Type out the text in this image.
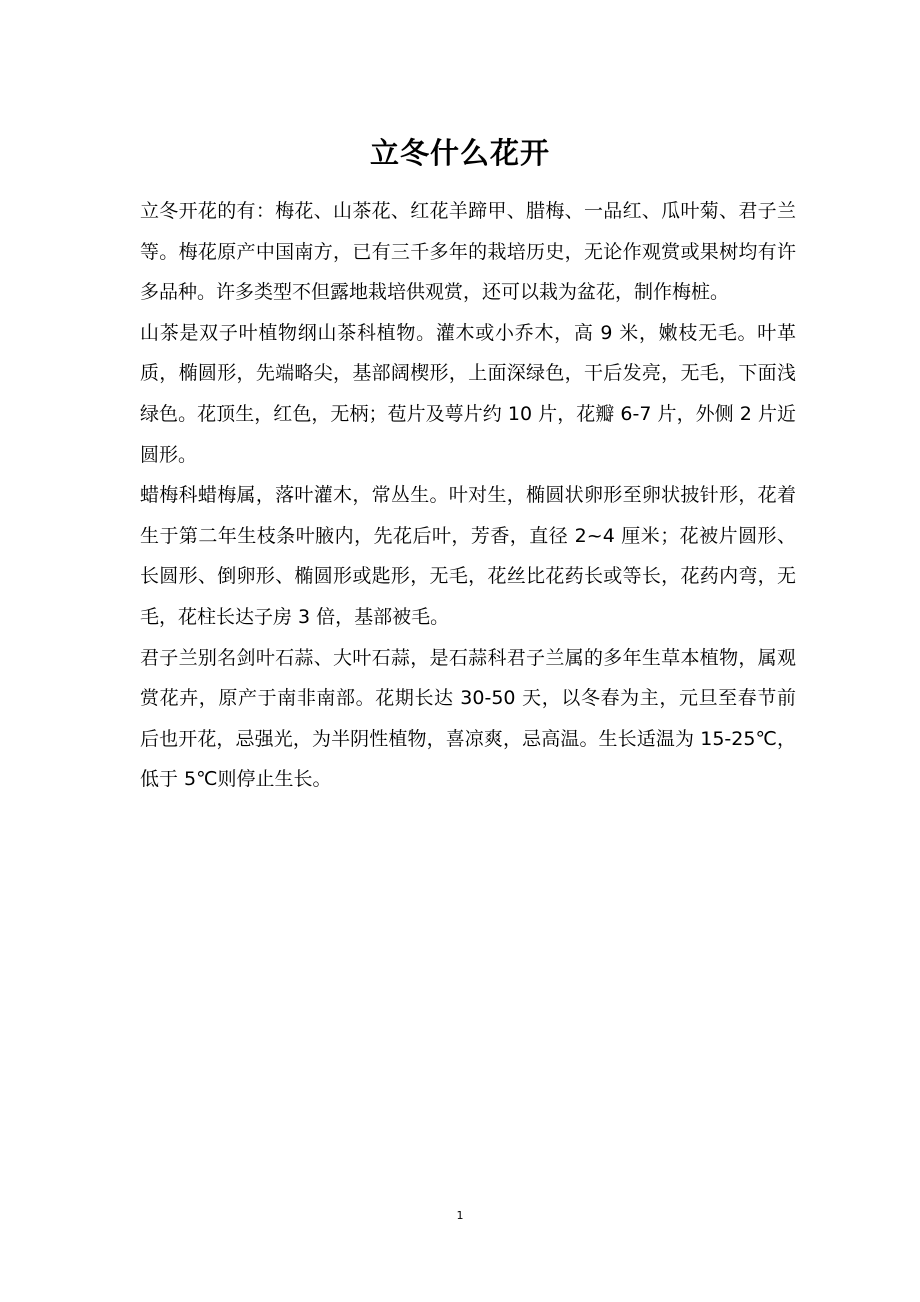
立冬什么花开

立冬开花的有：梅花、山茶花、红花羊蹄甲、腊梅、一品红、瓜叶菊、君子兰等。梅花原产中国南方，已有三千多年的栽培历史，无论作观赏或果树均有许多品种。许多类型不但露地栽培供观赏，还可以栽为盆花，制作梅桩。

山茶是双子叶植物纲山茶科植物。灌木或小乔木，高 9 米，嫩枝无毛。叶革质，椭圆形，先端略尖，基部阔楔形，上面深绿色，干后发亮，无毛，下面浅绿色。花顶生，红色，无柄；苞片及萼片约 10 片，花瓣 6-7 片，外侧 2 片近圆形。

蜡梅科蜡梅属，落叶灌木，常丛生。叶对生，椭圆状卵形至卵状披针形，花着生于第二年生枝条叶腋内，先花后叶，芳香，直径 2~4 厘米；花被片圆形、长圆形、倒卵形、椭圆形或匙形，无毛，花丝比花药长或等长，花药内弯，无毛，花柱长达子房 3 倍，基部被毛。

君子兰别名剑叶石蒜、大叶石蒜，是石蒜科君子兰属的多年生草本植物，属观赏花卉，原产于南非南部。花期长达 30-50 天，以冬春为主，元旦至春节前后也开花，忌强光，为半阴性植物，喜凉爽，忌高温。生长适温为 15-25℃，低于 5℃则停止生长。

1
